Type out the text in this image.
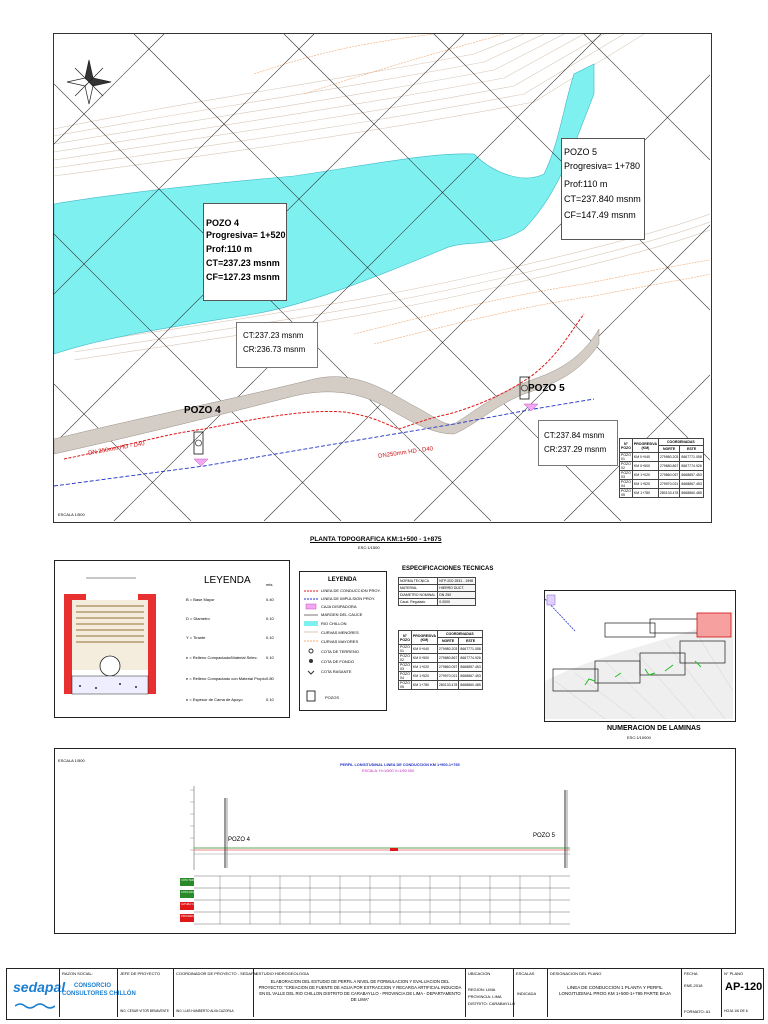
POZO 4
Progresiva= 1+520
Prof:110 m
CT=237.23 msnm
CF=127.23 msnm
POZO 5
Progresiva= 1+780
Prof:110 m
CT=237.840 msnm
CF=147.49 msnm
CT:237.23 msnm
CR:236.73 msnm
CT:237.84 msnm
CR:237.29 msnm
POZO 4
POZO 5
DN 250mm HD - D40	DN250mm HD - D40
ESCALA 1/500
N° POZO	PROGRESIVA (KM)	COORDENADAS	
		NORTE	ESTE
POZO 01	KM 0+040	279980.203	8667771.058
POZO 02	KM 0+500	279680.867	8667774.926
POZO 03	KM 1+020	279860.057	8668857.453
POZO 04	KM 1+520	279970.021	8668867.453
POZO 05	KM 1+780	280133.478	8668860.485
PLANTA TOPOGRAFICA KM:1+500 - 1+875
ESC:1/1500
LEYENDA	mts
B = Base Mayor	0.40
D = Diametro	0.10
Y = Tirante	0.10
e = Relleno Compactado/Material Selec. 0.10
e = Relleno Compactado con Material Propio 0.80
e = Espesor de Cama de Apoyo	0.10
LEYENDA
LINEA DE CONDUCCION PROY.
LINEA DE IMPULSION PROY.
CAJA DISIPADORA
MARGEN DEL CAUCE
RIO CHILLON
CURVAS MENORES
CURVAS MAYORES
COTA DE TERRENO
COTA DE FONDO
COTA RASANTE
POZOS
ESPECIFICACIONES TECNICAS
NORMA TECNICA	NTP-ISO 2531 - 1998
MATERIAL	HIERRO DUCT.
DIAMETRO NOMINAL	DN 250
Caud. Regulado	0.0000
N° POZO	PROGRESIVA (KM)	COORDENADAS	
		NORTE	ESTE
POZO 01	KM 0+040	279980.203	8667771.058
POZO 02	KM 0+500	279680.867	8667774.926
POZO 03	KM 1+020	279860.057	8668857.453
POZO 04	KM 1+520	279970.021	8668867.453
POZO 05	KM 1+780	280133.478	8668860.485
NUMERACION DE LAMINAS
ESC:1/10000
ESCALA 1/500
PERFIL LONGITUDINAL LINEA DE CONDUCCION KM 1+500-1+795
ESCALA: H=1/500 V=1/50 000
POZO 4
POZO 5
COTA TERRENO
COTA RASANTE
ALTURA CORTE
PROGRESIVA
sedapal
RAZON SOCIAL:
CONSORCIO
CONSULTORES CHILLÓN
JEFE DE PROYECTO
ING. CESAR VITOR BENAVENTE
COORDINADOR DE PROYECTO - SEDAPAL
ING. LUIS HUMBERTO ALVA CAZORLA
ESTUDIO HIDROGEOLOGIA
ELABORACION DEL ESTUDIO DE PERFIL A NIVEL DE FORMULACION Y EVALUACION DEL PROYECTO: "CREACION DE FUENTE DE AGUA POR EXTRACCION Y RECARGA ARTIFICIAL INDUCIDA EN EL VALLE DEL RIO CHILLON DISTRITO DE CARABAYLLO - PROVINCIA DE LIMA - DEPARTAMENTO DE LIMA"
UBICACION
REGION: LIMA
PROVINCIA: LIMA
DISTRITO: CARABAYLLO
ESCALAS
INDICADA
DESIGNACION DEL PLANO
LINEA DE CONDUCCION 1 PLANTA Y PERFIL LONGITUDINAL PROG KM 1+500-1+795 PARTE BAJA
FECHA
ENE-2018
FORMATO: A1
N° PLANO
AP-120
HOJA 1/6 DE 6
